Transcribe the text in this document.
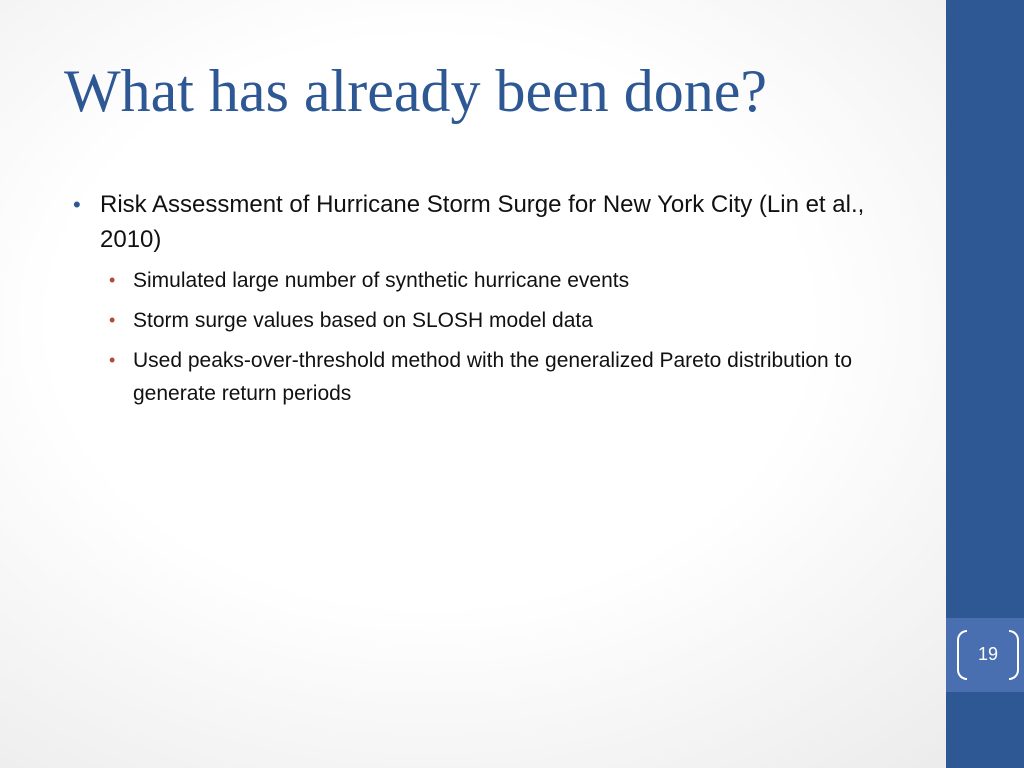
What has already been done?
• Risk Assessment of Hurricane Storm Surge for New York City (Lin et al., 2010)
• Simulated large number of synthetic hurricane events
• Storm surge values based on SLOSH model data
• Used peaks-over-threshold method with the generalized Pareto distribution to generate return periods
19
